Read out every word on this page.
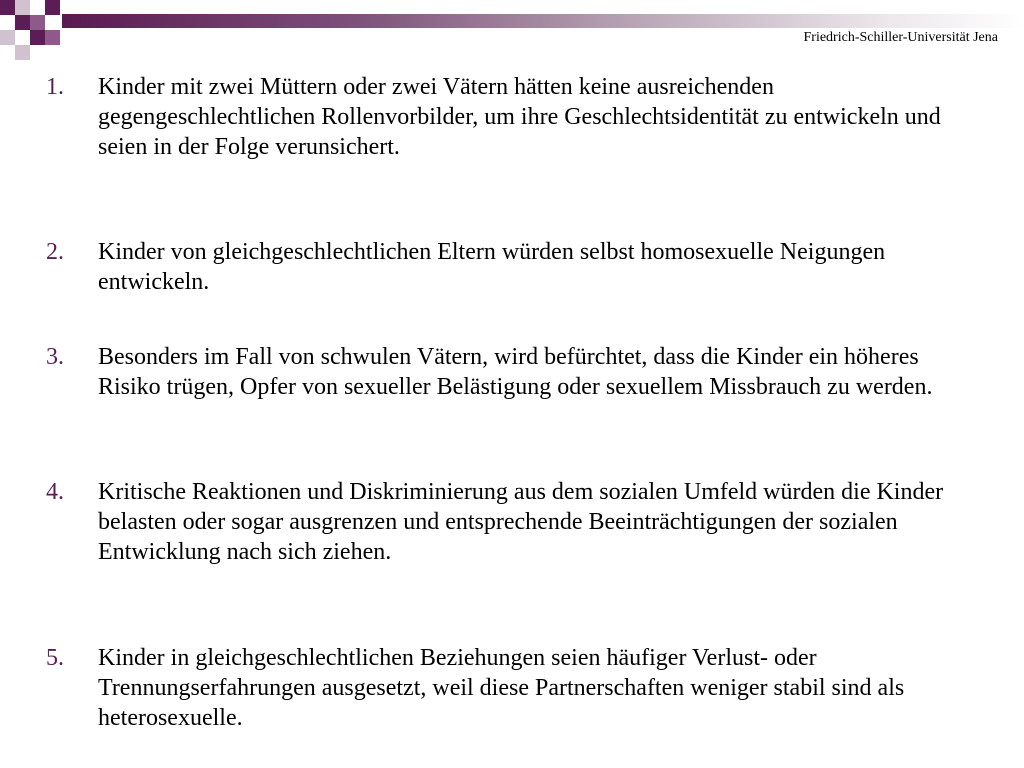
Friedrich-Schiller-Universität Jena
1. Kinder mit zwei Müttern oder zwei Vätern hätten keine ausreichenden gegengeschlechtlichen Rollenvorbilder, um ihre Geschlechtsidentität zu entwickeln und seien in der Folge verunsichert.
2. Kinder von gleichgeschlechtlichen Eltern würden selbst homosexuelle Neigungen entwickeln.
3. Besonders im Fall von schwulen Vätern, wird befürchtet, dass die Kinder ein höheres Risiko trügen, Opfer von sexueller Belästigung oder sexuellem Missbrauch zu werden.
4. Kritische Reaktionen und Diskriminierung aus dem sozialen Umfeld würden die Kinder belasten oder sogar ausgrenzen und entsprechende Beeinträchtigungen der sozialen Entwicklung nach sich ziehen.
5. Kinder in gleichgeschlechtlichen Beziehungen seien häufiger Verlust- oder Trennungserfahrungen ausgesetzt, weil diese Partnerschaften weniger stabil sind als heterosexuelle.
